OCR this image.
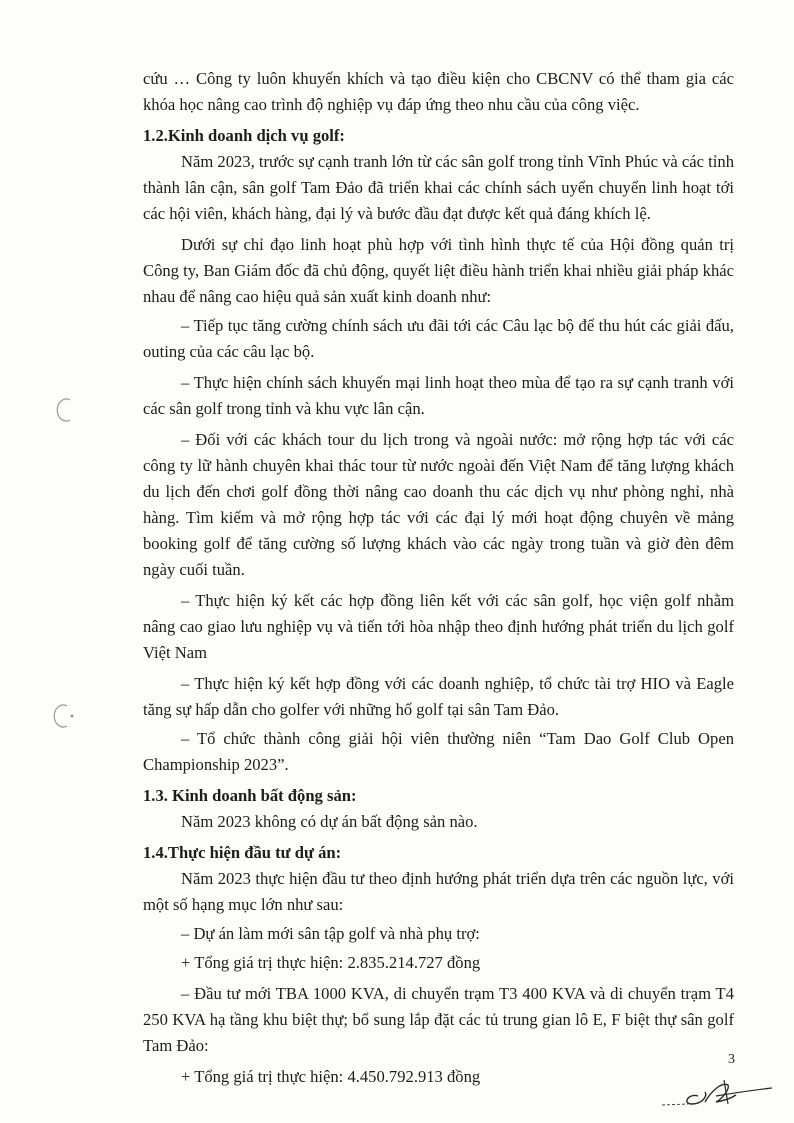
cứu … Công ty luôn khuyến khích và tạo điều kiện cho CBCNV có thể tham gia các khóa học nâng cao trình độ nghiệp vụ đáp ứng theo nhu cầu của công việc.

1.2.Kinh doanh dịch vụ golf:

Năm 2023, trước sự cạnh tranh lớn từ các sân golf trong tỉnh Vĩnh Phúc và các tỉnh thành lân cận, sân golf Tam Đảo đã triển khai các chính sách uyển chuyển linh hoạt tới các hội viên, khách hàng, đại lý và bước đầu đạt được kết quả đáng khích lệ.

Dưới sự chỉ đạo linh hoạt phù hợp với tình hình thực tế của Hội đồng quản trị Công ty, Ban Giám đốc đã chủ động, quyết liệt điều hành triển khai nhiều giải pháp khác nhau để nâng cao hiệu quả sản xuất kinh doanh như:

– Tiếp tục tăng cường chính sách ưu đãi tới các Câu lạc bộ để thu hút các giải đấu, outing của các câu lạc bộ.

– Thực hiện chính sách khuyến mại linh hoạt theo mùa để tạo ra sự cạnh tranh với các sân golf trong tỉnh và khu vực lân cận.

– Đối với các khách tour du lịch trong và ngoài nước: mở rộng hợp tác với các công ty lữ hành chuyên khai thác tour từ nước ngoài đến Việt Nam để tăng lượng khách du lịch đến chơi golf đồng thời nâng cao doanh thu các dịch vụ như phòng nghỉ, nhà hàng. Tìm kiếm và mở rộng hợp tác với các đại lý mới hoạt động chuyên về mảng booking golf để tăng cường số lượng khách vào các ngày trong tuần và giờ đèn đêm ngày cuối tuần.

– Thực hiện ký kết các hợp đồng liên kết với các sân golf, học viện golf nhằm nâng cao giao lưu nghiệp vụ và tiến tới hòa nhập theo định hướng phát triển du lịch golf Việt Nam

– Thực hiện ký kết hợp đồng với các doanh nghiệp, tổ chức tài trợ HIO và Eagle tăng sự hấp dẫn cho golfer với những hố golf tại sân Tam Đảo.

– Tổ chức thành công giải hội viên thường niên “Tam Dao Golf Club Open Championship 2023”.

1.3. Kinh doanh bất động sản:

Năm 2023 không có dự án bất động sản nào.

1.4.Thực hiện đầu tư dự án:

Năm 2023 thực hiện đầu tư theo định hướng phát triển dựa trên các nguồn lực, với một số hạng mục lớn như sau:

– Dự án làm mới sân tập golf và nhà phụ trợ:

+ Tổng giá trị thực hiện: 2.835.214.727 đồng

– Đầu tư mới TBA 1000 KVA, di chuyển trạm T3 400 KVA và di chuyển trạm T4 250 KVA hạ tầng khu biệt thự; bổ sung lắp đặt các tủ trung gian lô E, F biệt thự sân golf Tam Đảo:

+ Tổng giá trị thực hiện: 4.450.792.913 đồng

3
